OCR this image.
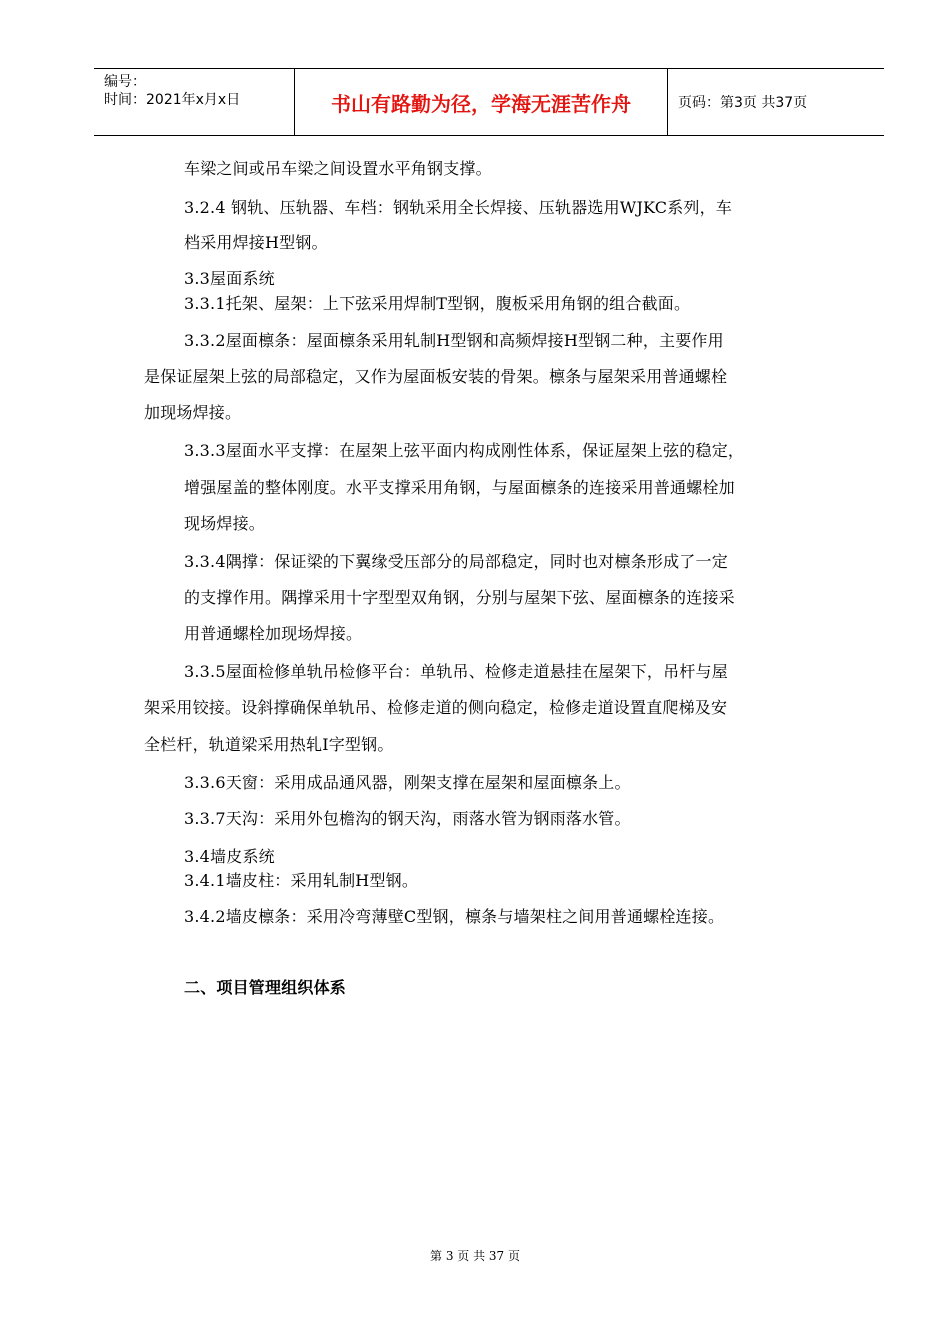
编号：
时间：2021年x月x日	书山有路勤为径，学海无涯苦作舟	页码：第3页 共37页
车梁之间或吊车梁之间设置水平角钢支撑。
3.2.4 钢轨、压轨器、车档：钢轨采用全长焊接、压轨器选用WJKC系列，车
档采用焊接H型钢。
3.3屋面系统
3.3.1托架、屋架：上下弦采用焊制T型钢，腹板采用角钢的组合截面。
3.3.2屋面檩条：屋面檩条采用轧制H型钢和高频焊接H型钢二种，主要作用
是保证屋架上弦的局部稳定，又作为屋面板安装的骨架。檩条与屋架采用普通螺栓
加现场焊接。
3.3.3屋面水平支撑：在屋架上弦平面内构成刚性体系，保证屋架上弦的稳定，
增强屋盖的整体刚度。水平支撑采用角钢，与屋面檩条的连接采用普通螺栓加
现场焊接。
3.3.4隅撑：保证梁的下翼缘受压部分的局部稳定，同时也对檩条形成了一定
的支撑作用。隅撑采用十字型型双角钢，分别与屋架下弦、屋面檩条的连接采
用普通螺栓加现场焊接。
3.3.5屋面检修单轨吊检修平台：单轨吊、检修走道悬挂在屋架下，吊杆与屋
架采用铰接。设斜撑确保单轨吊、检修走道的侧向稳定，检修走道设置直爬梯及安
全栏杆，轨道梁采用热轧I字型钢。
3.3.6天窗：采用成品通风器，刚架支撑在屋架和屋面檩条上。
3.3.7天沟：采用外包檐沟的钢天沟，雨落水管为钢雨落水管。
3.4墙皮系统
3.4.1墙皮柱：采用轧制H型钢。
3.4.2墙皮檩条：采用冷弯薄壁C型钢，檩条与墙架柱之间用普通螺栓连接。
二、项目管理组织体系
第 3 页 共 37 页
